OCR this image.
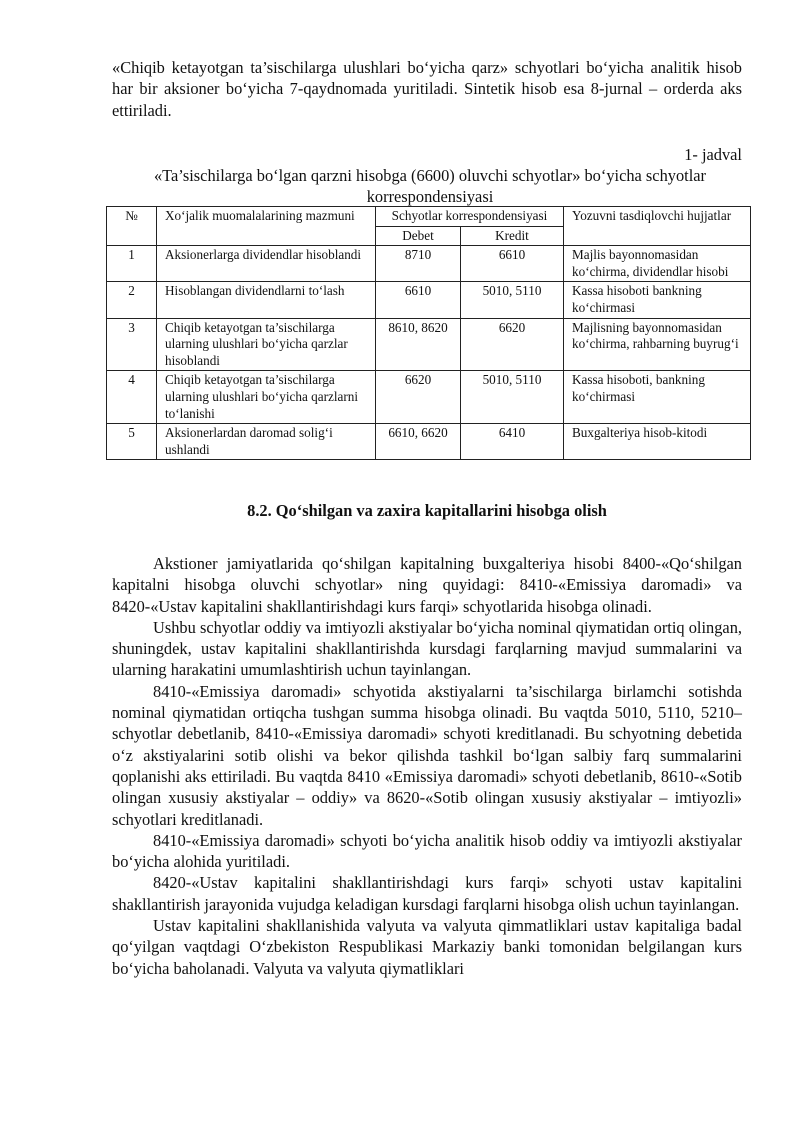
«Chiqib ketayotgan ta’sischilarga ulushlari bo‘yicha qarz» schyotlari bo‘yicha analitik hisob har bir aksioner bo‘yicha 7-qaydnomada yuritiladi. Sintetik hisob esa 8-jurnal – orderda aks ettiriladi.

1- jadval

«Ta’sischilarga bo‘lgan qarzni hisobga (6600) oluvchi schyotlar» bo‘yicha schyotlar korrespondensiyasi

№	Xo‘jalik muomalalarining mazmuni	Schyotlar korrespondensiyasi		Yozuvni tasdiqlovchi hujjatlar
		Debet	Kredit	
1	Aksionerlarga dividendlar hisoblandi	8710	6610	Majlis bayonnomasidan ko‘chirma, dividendlar hisobi
2	Hisoblangan dividendlarni to‘lash	6610	5010, 5110	Kassa hisoboti bankning ko‘chirmasi
3	Chiqib ketayotgan ta’sischilarga ularning ulushlari bo‘yicha qarzlar hisoblandi	8610, 8620	6620	Majlisning bayonnomasidan ko‘chirma, rahbarning buyrug‘i
4	Chiqib ketayotgan ta’sischilarga ularning ulushlari bo‘yicha qarzlarni to‘lanishi	6620	5010, 5110	Kassa hisoboti, bankning ko‘chirmasi
5	Aksionerlardan daromad solig‘i ushlandi	6610, 6620	6410	Buxgalteriya hisob-kitodi
8.2. Qo‘shilgan va zaxira kapitallarini hisobga olish

Akstioner jamiyatlarida qo‘shilgan kapitalning buxgalteriya hisobi 8400-«Qo‘shilgan kapitalni hisobga oluvchi schyotlar» ning quyidagi: 8410-«Emissiya daromadi» va 8420-«Ustav kapitalini shakllantirishdagi kurs farqi» schyotlarida hisobga olinadi.

Ushbu schyotlar oddiy va imtiyozli akstiyalar bo‘yicha nominal qiymatidan ortiq olingan, shuningdek, ustav kapitalini shakllantirishda kursdagi farqlarning mavjud summalarini va ularning harakatini umumlashtirish uchun tayinlangan.

8410-«Emissiya daromadi» schyotida akstiyalarni ta’sischilarga birlamchi sotishda nominal qiymatidan ortiqcha tushgan summa hisobga olinadi. Bu vaqtda 5010, 5110, 5210–schyotlar debetlanib, 8410-«Emissiya daromadi» schyoti kreditlanadi. Bu schyotning debetida o‘z akstiyalarini sotib olishi va bekor qilishda tashkil bo‘lgan salbiy farq summalarini qoplanishi aks ettiriladi. Bu vaqtda 8410 «Emissiya daromadi» schyoti debetlanib, 8610-«Sotib olingan xususiy akstiyalar – oddiy» va 8620-«Sotib olingan xususiy akstiyalar – imtiyozli» schyotlari kreditlanadi.

8410-«Emissiya daromadi» schyoti bo‘yicha analitik hisob oddiy va imtiyozli akstiyalar bo‘yicha alohida yuritiladi.

8420-«Ustav kapitalini shakllantirishdagi kurs farqi» schyoti ustav kapitalini shakllantirish jarayonida vujudga keladigan kursdagi farqlarni hisobga olish uchun tayinlangan.

Ustav kapitalini shakllanishida valyuta va valyuta qimmatliklari ustav kapitaliga badal qo‘yilgan vaqtdagi O‘zbekiston Respublikasi Markaziy banki tomonidan belgilangan kurs bo‘yicha baholanadi. Valyuta va valyuta qiymatliklari
